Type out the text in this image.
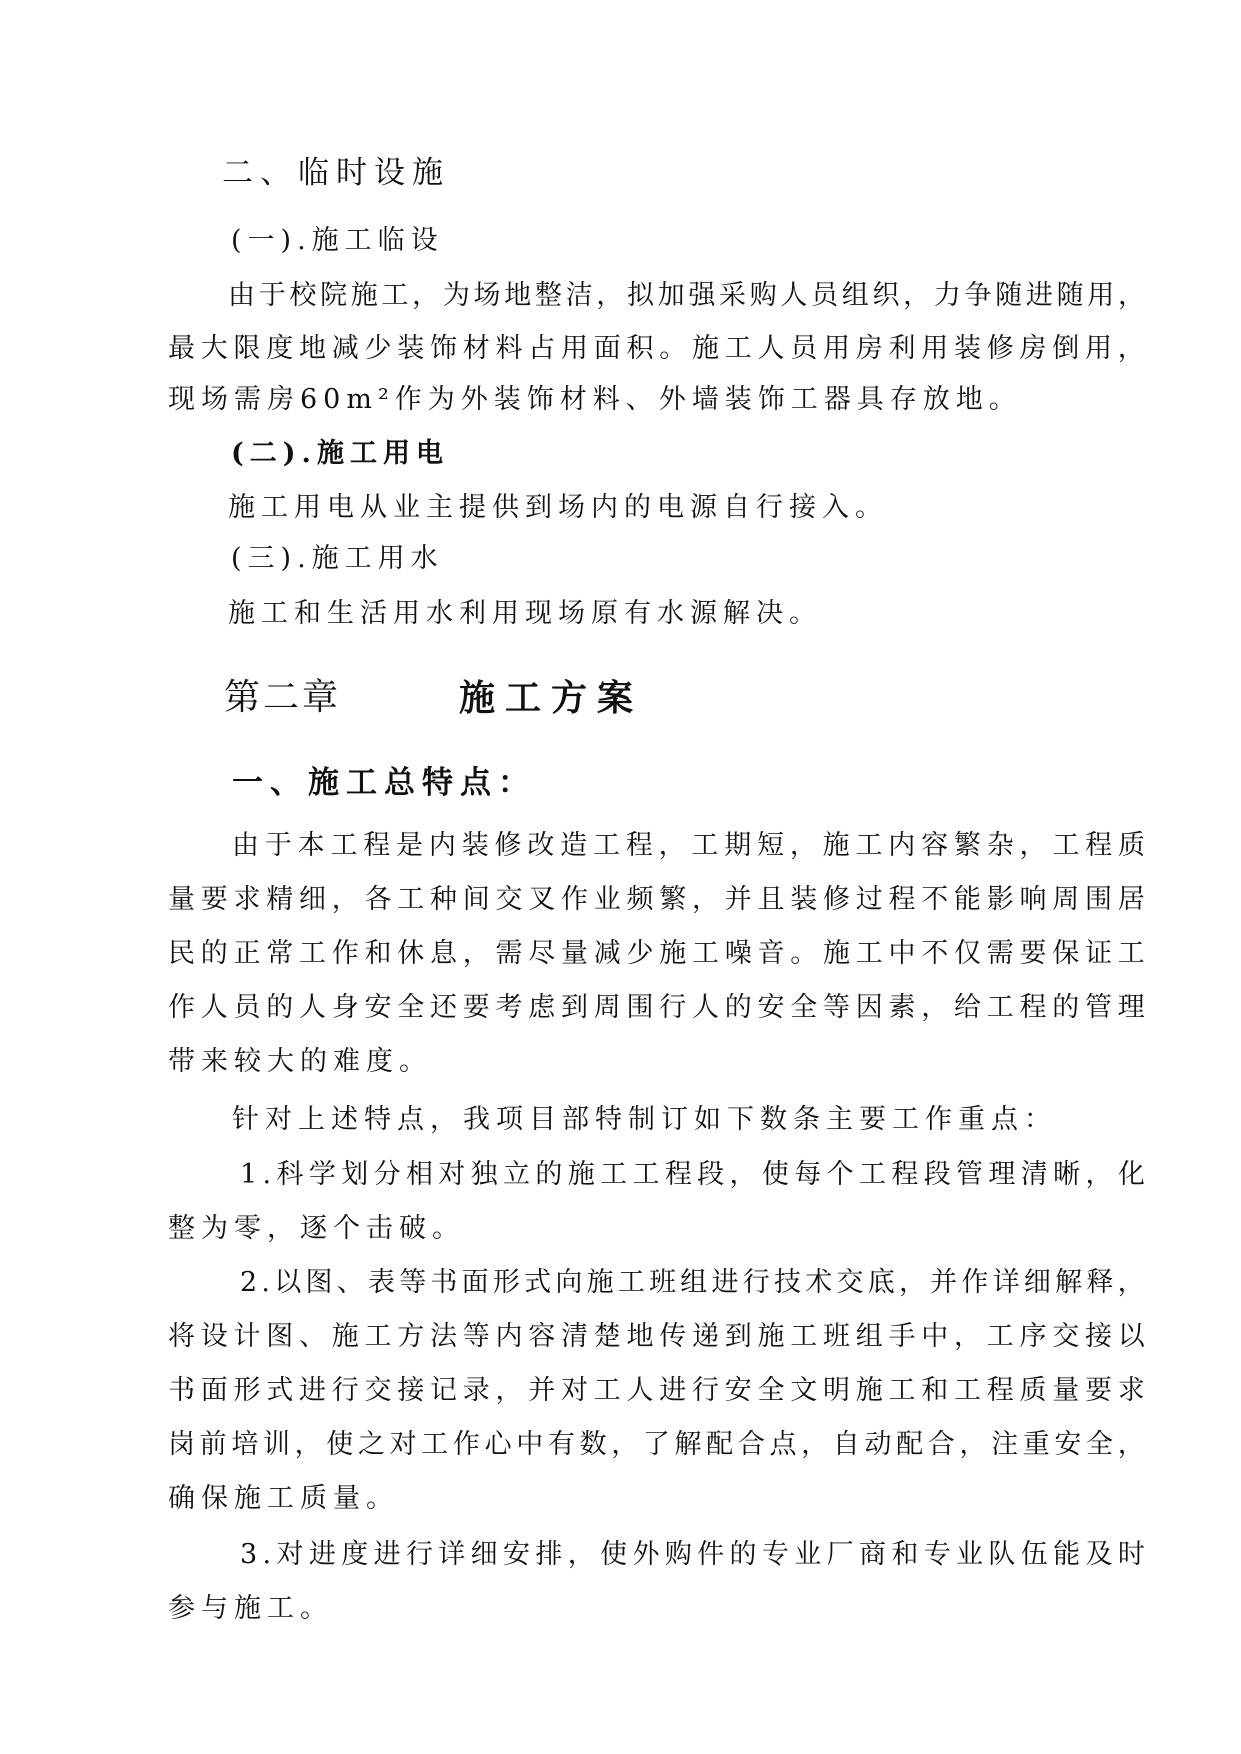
二、临时设施
(一).施工临设
由 于 校 院 施 工 ， 为 场 地 整 洁 ， 拟 加 强 采 购 人 员 组 织 ， 力 争 随 进 随 用 ，
最 大 限 度 地 减 少 装 饰 材 料 占 用 面 积 。 施 工 人 员 用 房 利 用 装 修 房 倒 用 ，
现场需房60m²作为外装饰材料、外墙装饰工器具存放地。
(二).施工用电
施工用电从业主提供到场内的电源自行接入。
(三).施工用水
施工和生活用水利用现场原有水源解决。
第二章	施工方案
一、施工总特点：
由 于 本 工 程 是 内 装 修 改 造 工 程 ， 工 期 短 ， 施 工 内 容 繁 杂 ， 工 程 质
量 要 求 精 细 ， 各 工 种 间 交 叉 作 业 频 繁 ， 并 且 装 修 过 程 不 能 影 响 周 围 居
民 的 正 常 工 作 和 休 息 ， 需 尽 量 减 少 施 工 噪 音 。 施 工 中 不 仅 需 要 保 证 工
作 人 员 的 人 身 安 全 还 要 考 虑 到 周 围 行 人 的 安 全 等 因 素 ， 给 工 程 的 管 理
带来较大的难度。
针对上述特点，我项目部特制订如下数条主要工作重点：
1 . 科 学 划 分 相 对 独 立 的 施 工 工 程 段 ， 使 每 个 工 程 段 管 理 清 晰 ， 化
整为零，逐个击破。
2 . 以 图 、 表 等 书 面 形 式 向 施 工 班 组 进 行 技 术 交 底 ， 并 作 详 细 解 释 ，
将 设 计 图 、 施 工 方 法 等 内 容 清 楚 地 传 递 到 施 工 班 组 手 中 ， 工 序 交 接 以
书 面 形 式 进 行 交 接 记 录 ， 并 对 工 人 进 行 安 全 文 明 施 工 和 工 程 质 量 要 求
岗 前 培 训 ， 使 之 对 工 作 心 中 有 数 ， 了 解 配 合 点 ， 自 动 配 合 ， 注 重 安 全 ，
确保施工质量。
3 . 对 进 度 进 行 详 细 安 排 ， 使 外 购 件 的 专 业 厂 商 和 专 业 队 伍 能 及 时
参与施工。
